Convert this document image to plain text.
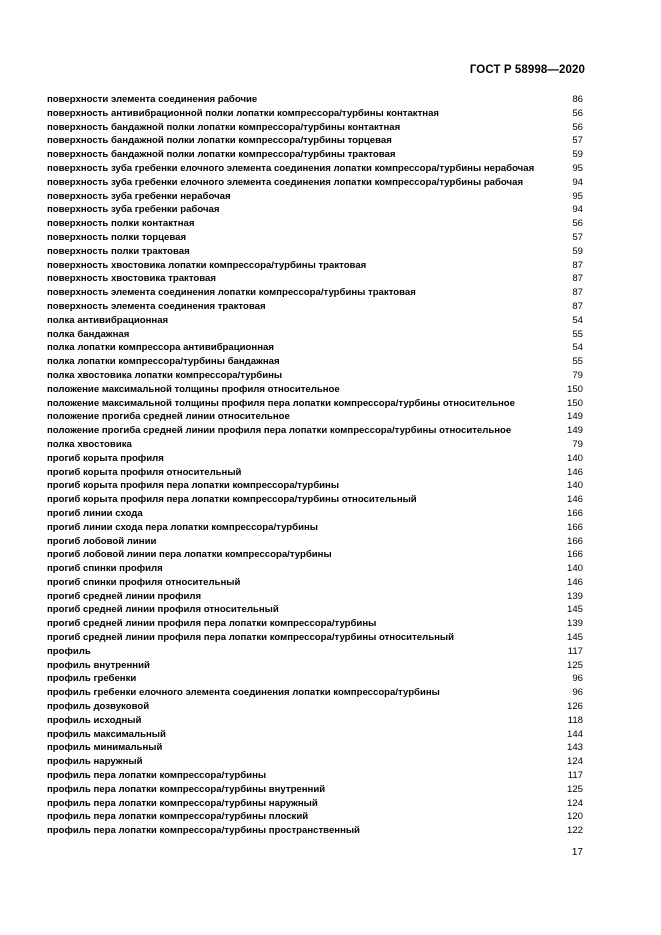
ГОСТ Р 58998—2020
поверхности элемента соединения рабочие	86
поверхность антивибрационной полки лопатки компрессора/турбины контактная	56
поверхность бандажной полки лопатки компрессора/турбины контактная	56
поверхность бандажной полки лопатки компрессора/турбины торцевая	57
поверхность бандажной полки лопатки компрессора/турбины трактовая	59
поверхность зуба гребенки елочного элемента соединения лопатки компрессора/турбины нерабочая	95
поверхность зуба гребенки елочного элемента соединения лопатки компрессора/турбины рабочая	94
поверхность зуба гребенки нерабочая	95
поверхность зуба гребенки рабочая	94
поверхность полки контактная	56
поверхность полки торцевая	57
поверхность полки трактовая	59
поверхность хвостовика лопатки компрессора/турбины трактовая	87
поверхность хвостовика трактовая	87
поверхность элемента соединения лопатки компрессора/турбины трактовая	87
поверхность элемента соединения трактовая	87
полка антивибрационная	54
полка бандажная	55
полка лопатки компрессора антивибрационная	54
полка лопатки компрессора/турбины бандажная	55
полка хвостовика лопатки компрессора/турбины	79
положение максимальной толщины профиля относительное	150
положение максимальной толщины профиля пера лопатки компрессора/турбины относительное	150
положение прогиба средней линии относительное	149
положение прогиба средней линии профиля пера лопатки компрессора/турбины относительное	149
полка хвостовика	79
прогиб корыта профиля	140
прогиб корыта профиля относительный	146
прогиб корыта профиля пера лопатки компрессора/турбины	140
прогиб корыта профиля пера лопатки компрессора/турбины относительный	146
прогиб линии схода	166
прогиб линии схода пера лопатки компрессора/турбины	166
прогиб лобовой линии	166
прогиб лобовой линии пера лопатки компрессора/турбины	166
прогиб спинки профиля	140
прогиб спинки профиля относительный	146
прогиб средней линии профиля	139
прогиб средней линии профиля относительный	145
прогиб средней линии профиля пера лопатки компрессора/турбины	139
прогиб средней линии профиля пера лопатки компрессора/турбины относительный	145
профиль	117
профиль внутренний	125
профиль гребенки	96
профиль гребенки елочного элемента соединения лопатки компрессора/турбины	96
профиль дозвуковой	126
профиль исходный	118
профиль максимальный	144
профиль минимальный	143
профиль наружный	124
профиль пера лопатки компрессора/турбины	117
профиль пера лопатки компрессора/турбины внутренний	125
профиль пера лопатки компрессора/турбины наружный	124
профиль пера лопатки компрессора/турбины плоский	120
профиль пера лопатки компрессора/турбины пространственный	122
17
